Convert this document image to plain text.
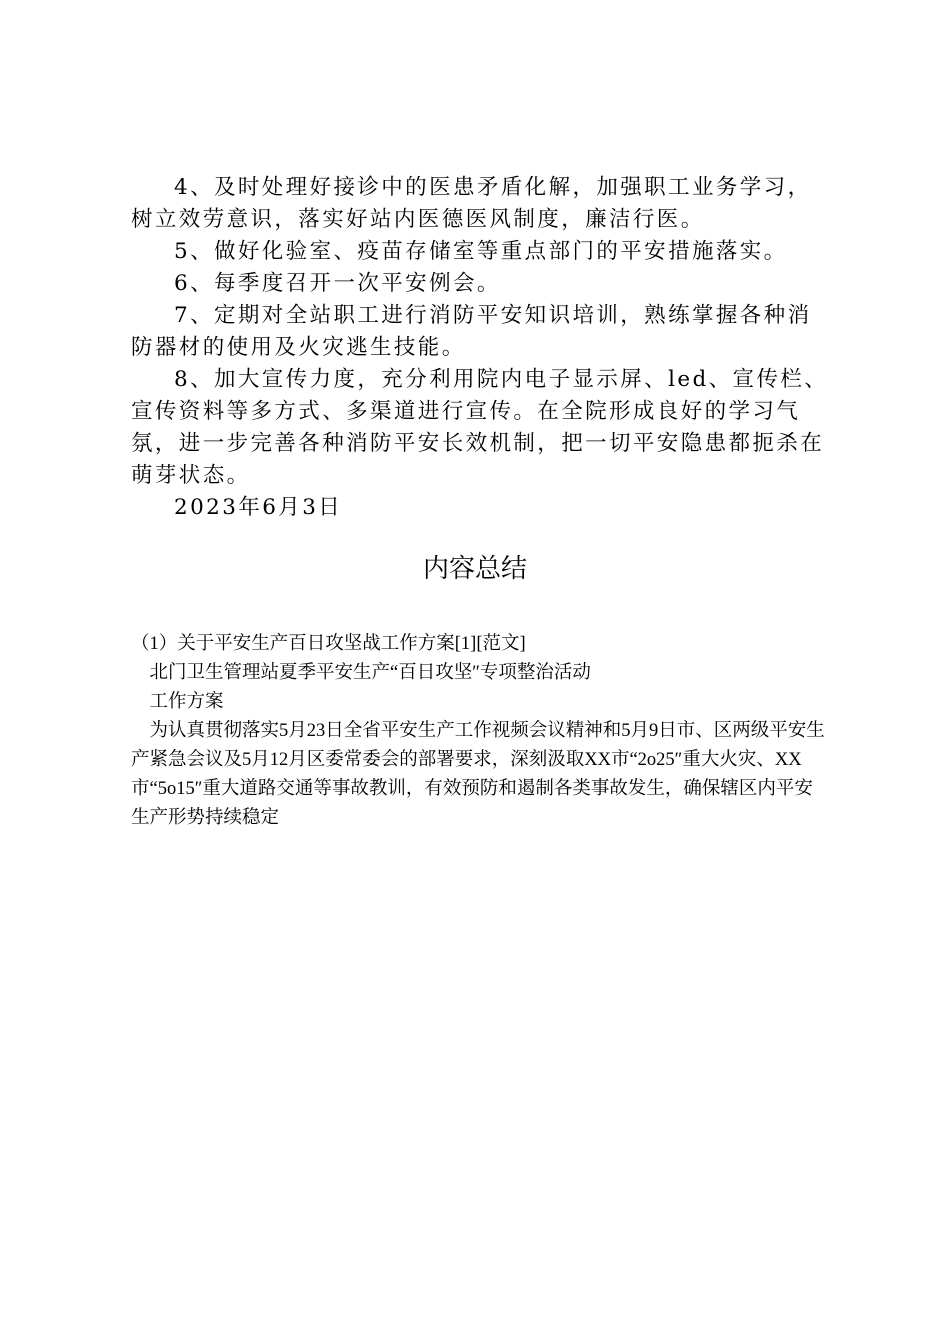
4、及时处理好接诊中的医患矛盾化解，加强职工业务学习，树立效劳意识，落实好站内医德医风制度，廉洁行医。

5、做好化验室、疫苗存储室等重点部门的平安措施落实。

6、每季度召开一次平安例会。

7、定期对全站职工进行消防平安知识培训，熟练掌握各种消防器材的使用及火灾逃生技能。

8、加大宣传力度，充分利用院内电子显示屏、led、宣传栏、宣传资料等多方式、多渠道进行宣传。在全院形成良好的学习气氛，进一步完善各种消防平安长效机制，把一切平安隐患都扼杀在萌芽状态。

2023年6月3日

内容总结

（1）关于平安生产百日攻坚战工作方案[1][范文]

北门卫生管理站夏季平安生产“百日攻坚″专项整治活动

工作方案

为认真贯彻落实5月23日全省平安生产工作视频会议精神和5月9日市、区两级平安生产紧急会议及5月12月区委常委会的部署要求，深刻汲取XX市“2o25″重大火灾、XX市“5o15″重大道路交通等事故教训，有效预防和遏制各类事故发生，确保辖区内平安生产形势持续稳定
